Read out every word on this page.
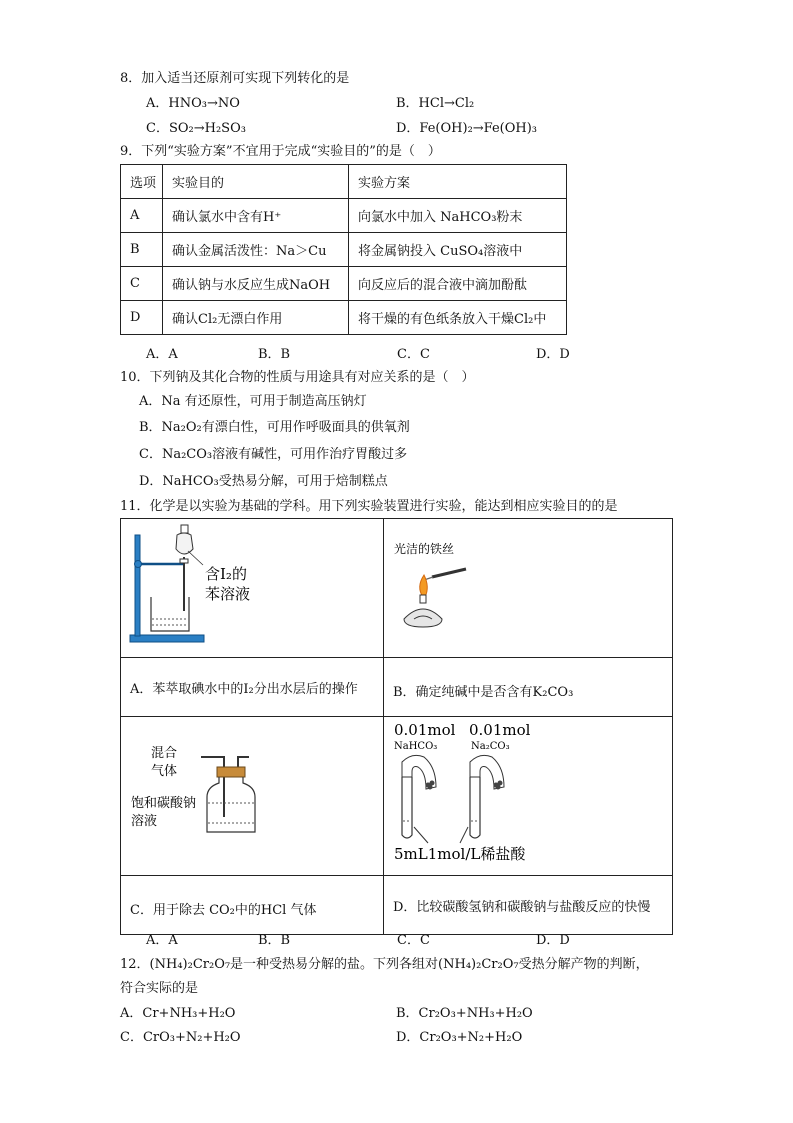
8．加入适当还原剂可实现下列转化的是
A．HNO₃→NO	B．HCl→Cl₂
C．SO₂→H₂SO₃	D．Fe(OH)₂→Fe(OH)₃
9．下列“实验方案”不宜用于完成“实验目的”的是（　）
选项	实验目的	实验方案
A	确认氯水中含有H⁺	向氯水中加入 NaHCO₃粉末
B	确认金属活泼性：Na＞Cu	将金属钠投入 CuSO₄溶液中
C	确认钠与水反应生成NaOH	向反应后的混合液中滴加酚酞
D	确认Cl₂无漂白作用	将干燥的有色纸条放入干燥Cl₂中
A．A	B．B	C．C	D．D
10．下列钠及其化合物的性质与用途具有对应关系的是（　）
A．Na 有还原性，可用于制造高压钠灯
B．Na₂O₂有漂白性，可用作呼吸面具的供氧剂
C．Na₂CO₃溶液有碱性，可用作治疗胃酸过多
D．NaHCO₃受热易分解，可用于焙制糕点
11．化学是以实验为基础的学科。用下列实验装置进行实验，能达到相应实验目的的是
含I₂的
苯溶液	光洁的铁丝

A．苯萃取碘水中的I₂分出水层后的操作	B．确定纯碱中是否含有K₂CO₃

混合
气体
饱和碳酸钠
溶液	0.01mol 0.01mol
NaHCO₃ Na₂CO₃
5mL1mol/L稀盐酸

C．用于除去 CO₂中的HCl 气体	D．比较碳酸氢钠和碳酸钠与盐酸反应的快慢
A．A	B．B	C．C	D．D
12．(NH₄)₂Cr₂O₇是一种受热易分解的盐。下列各组对(NH₄)₂Cr₂O₇受热分解产物的判断，
符合实际的是
A．Cr+NH₃+H₂O	B．Cr₂O₃+NH₃+H₂O
C．CrO₃+N₂+H₂O	D．Cr₂O₃+N₂+H₂O
